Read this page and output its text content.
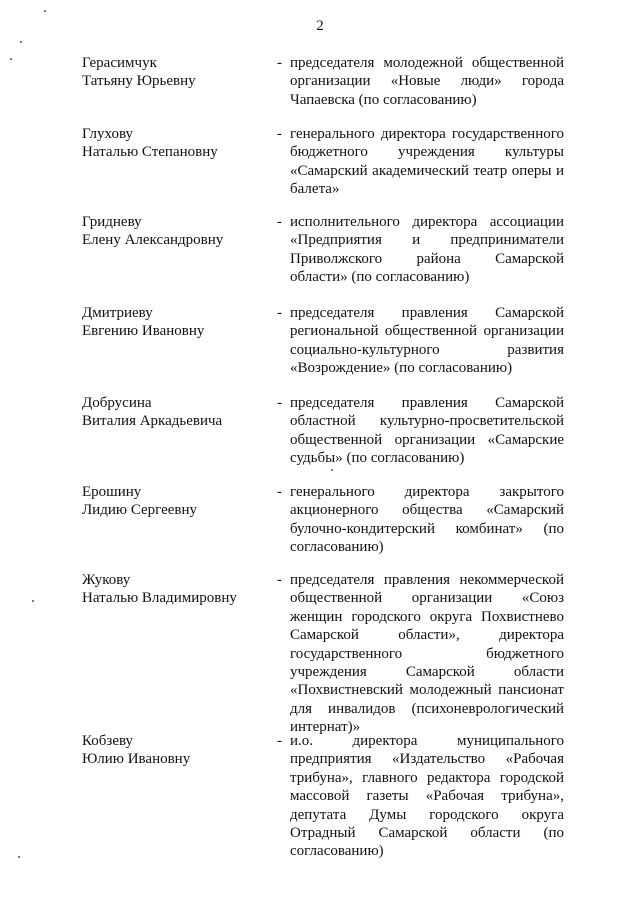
2
Герасимчук
Татьяну Юрьевну
- председателя молодежной общественной организации «Новые люди» города Чапаевска (по согласованию)
Глухову
Наталью Степановну
- генерального директора государственного бюджетного учреждения культуры «Самарский академический театр оперы и балета»
Гридневу
Елену Александровну
- исполнительного директора ассоциации «Предприятия и предприниматели Приволжского района Самарской области» (по согласованию)
Дмитриеву
Евгению Ивановну
- председателя правления Самарской региональной общественной организации социально-культурного развития «Возрождение» (по согласованию)
Добрусина
Виталия Аркадьевича
- председателя правления Самарской областной культурно-просветительской общественной организации «Самарские судьбы» (по согласованию)
Ерошину
Лидию Сергеевну
- генерального директора закрытого акционерного общества «Самарский булочно-кондитерский комбинат» (по согласованию)
Жукову
Наталью Владимировну
- председателя правления некоммерческой общественной организации «Союз женщин городского округа Похвистнево Самарской области», директора государственного бюджетного учреждения Самарской области «Похвистневский молодежный пансионат для инвалидов (психоневрологический интернат)»
Кобзеву
Юлию Ивановну
- и.о. директора муниципального предприятия «Издательство «Рабочая трибуна», главного редактора городской массовой газеты «Рабочая трибуна», депутата Думы городского округа Отрадный Самарской области (по согласованию)
